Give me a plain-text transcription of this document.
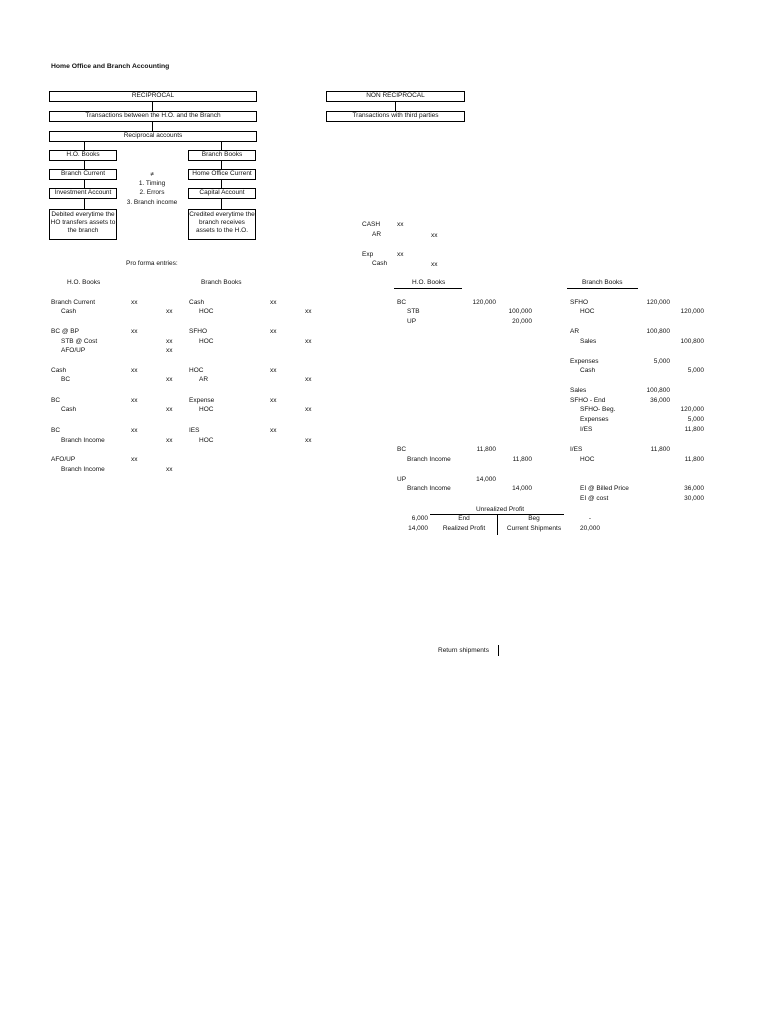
Home Office and Branch Accounting
RECIPROCAL
Transactions between the H.O. and the Branch
Reciprocal accounts
NON RECIPROCAL
Transactions with third parties
H.O. Books	Branch Books
Branch Current	Home Office Current
Investment Account	Capital Account
≠
1. Timing
2. Errors
3. Branch income
Debited everytime the HO transfers assets to the branch
Credited everytime the branch receives assets to the H.O.
CASH	xx
AR	xx
Exp	xx
Cash	xx
Pro forma entries:
H.O. Books	Branch Books	H.O. Books	Branch Books
Branch Current	xx
Cash	xx
BC @ BP	xx
STB @ Cost	xx
AFO/UP	xx
Cash	xx
BC	xx
BC	xx
Cash	xx
BC	xx
Branch Income	xx
AFO/UP	xx
Branch Income	xx
Cash	xx
HOC	xx
SFHO	xx
HOC	xx
HOC	xx
AR	xx
Expense	xx
HOC	xx
IES	xx
HOC	xx
BC	120,000
STB	100,000
UP	20,000
BC	11,800
Branch Income	11,800
UP	14,000
Branch Income	14,000
SFHO	120,000
HOC	120,000
AR	100,800
Sales	100,800
Expenses	5,000
Cash	5,000
Sales	100,800
SFHO - End	36,000
SFHO- Beg.	120,000
Expenses	5,000
I/ES	11,800
I/ES	11,800
HOC	11,800
EI @ Billed Price	36,000
EI @ cost	30,000
Unrealized Profit
6,000	End	Beg	-
14,000	Realized Profit	Current Shipments	20,000
Return shipments
